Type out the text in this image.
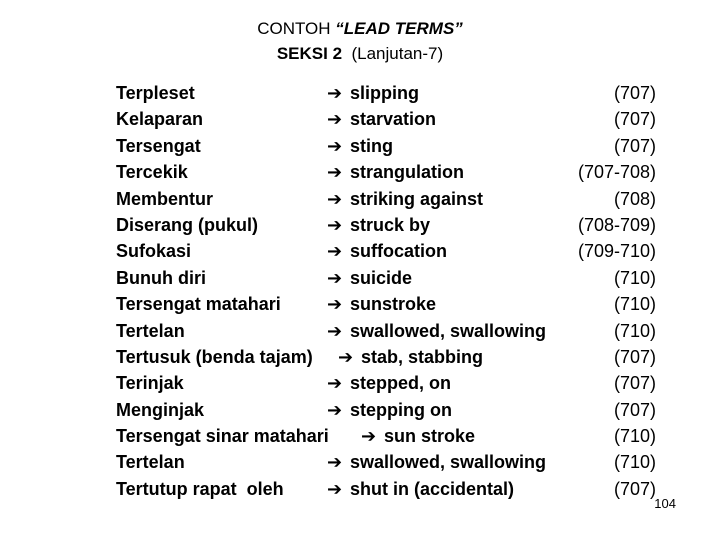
CONTOH “LEAD TERMS”
SEKSI 2 (Lanjutan-7)
Terpleset	➔ slipping	(707)
Kelaparan	➔ starvation	(707)
Tersengat	➔ sting	(707)
Tercekik	➔ strangulation	(707-708)
Membentur	➔ striking against	(708)
Diserang (pukul)	➔ struck by	(708-709)
Sufokasi	➔ suffocation	(709-710)
Bunuh diri	➔ suicide	(710)
Tersengat matahari	➔ sunstroke	(710)
Tertelan	➔ swallowed, swallowing	(710)
Tertusuk (benda tajam) ➔ stab, stabbing	(707)
Terinjak	➔ stepped, on	(707)
Menginjak	➔ stepping on	(707)
Tersengat sinar matahari ➔ sun stroke	(710)
Tertelan	➔ swallowed, swallowing	(710)
Tertutup rapat  oleh ➔ shut in (accidental)	(707)
104
